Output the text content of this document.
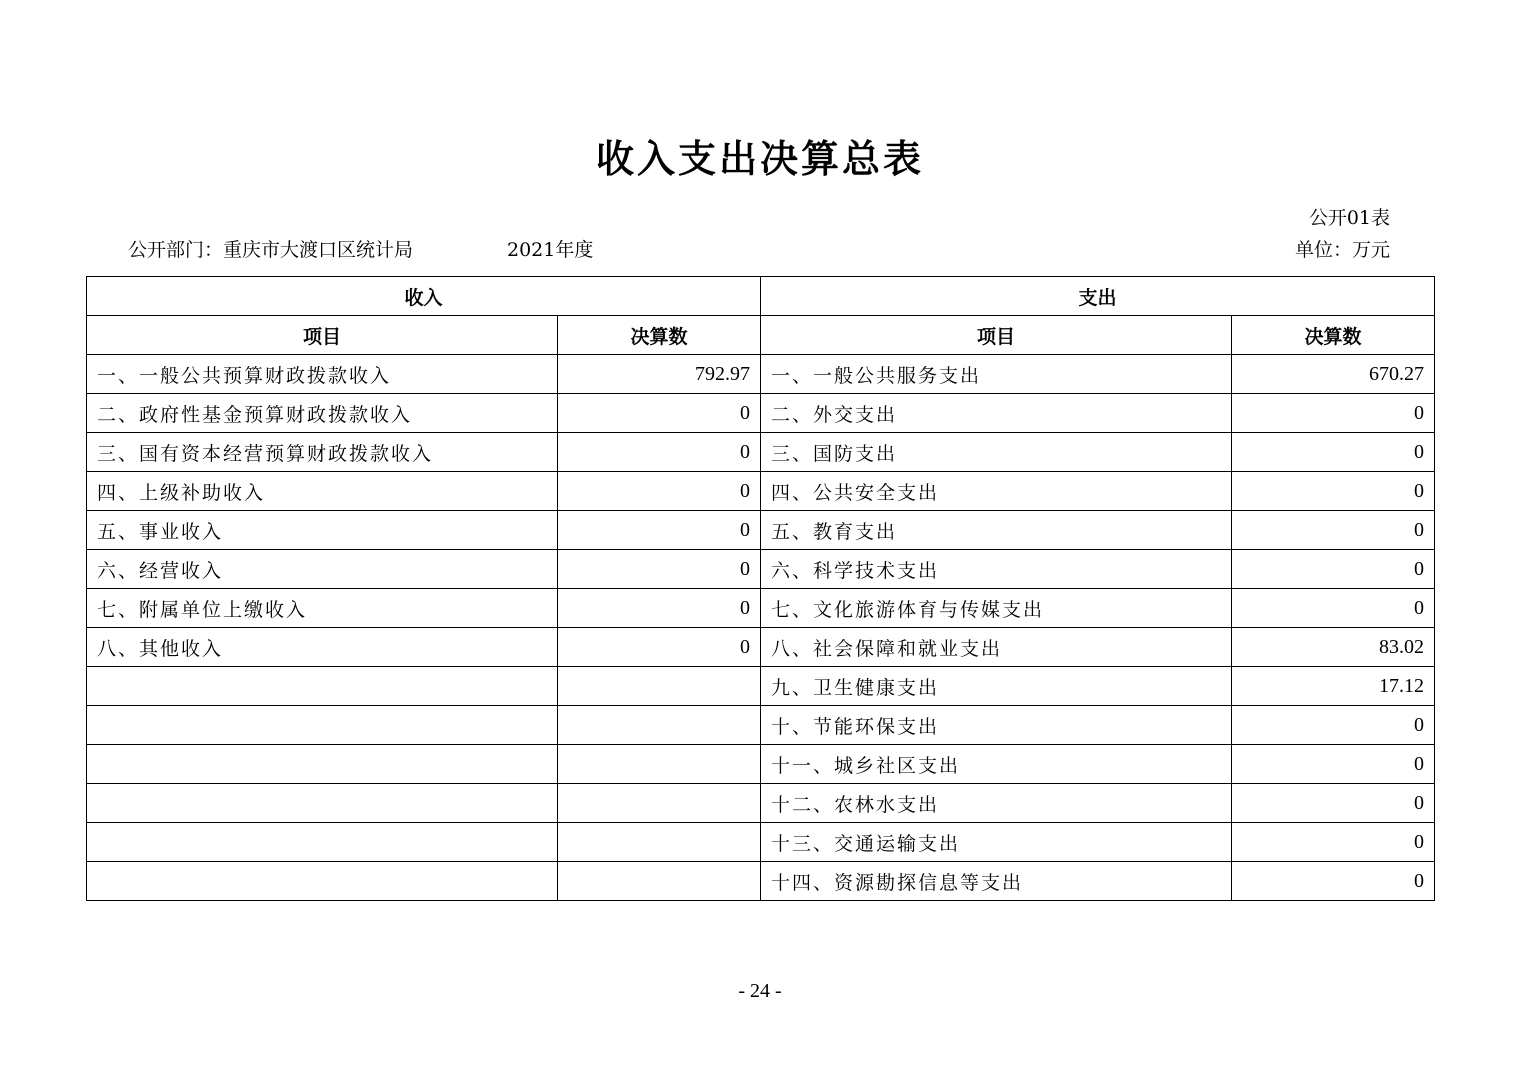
收入支出决算总表
公开01表
公开部门：重庆市大渡口区统计局	2021年度	单位：万元
收入		支出	
项目	决算数	项目	决算数
一、一般公共预算财政拨款收入	792.97	一、一般公共服务支出	670.27
二、政府性基金预算财政拨款收入	0	二、外交支出	0
三、国有资本经营预算财政拨款收入	0	三、国防支出	0
四、上级补助收入	0	四、公共安全支出	0
五、事业收入	0	五、教育支出	0
六、经营收入	0	六、科学技术支出	0
七、附属单位上缴收入	0	七、文化旅游体育与传媒支出	0
八、其他收入	0	八、社会保障和就业支出	83.02
		九、卫生健康支出	17.12
		十、节能环保支出	0
		十一、城乡社区支出	0
		十二、农林水支出	0
		十三、交通运输支出	0
		十四、资源勘探信息等支出	0
- 24 -
